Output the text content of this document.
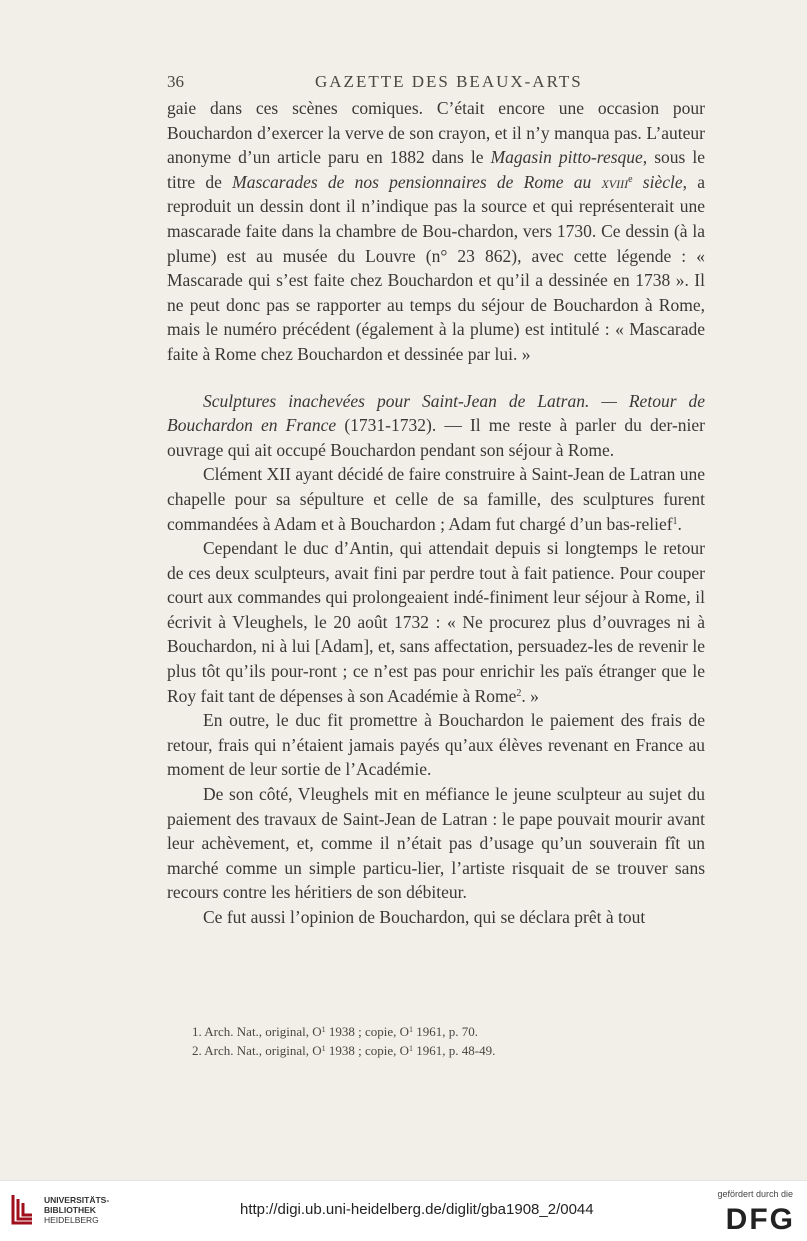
36	GAZETTE DES BEAUX-ARTS

gaie dans ces scènes comiques. C’était encore une occasion pour Bouchardon d’exercer la verve de son crayon, et il n’y manqua pas. L’auteur anonyme d’un article paru en 1882 dans le Magasin pitto-resque, sous le titre de Mascarades de nos pensionnaires de Rome au xviii$^e$ siècle, a reproduit un dessin dont il n’indique pas la source et qui représenterait une mascarade faite dans la chambre de Bou-chardon, vers 1730. Ce dessin (à la plume) est au musée du Louvre (n° 23 862), avec cette légende : « Mascarade qui s’est faite chez Bouchardon et qu’il a dessinée en 1738 ». Il ne peut donc pas se rapporter au temps du séjour de Bouchardon à Rome, mais le numéro précédent (également à la plume) est intitulé : « Mascarade faite à Rome chez Bouchardon et dessinée par lui. »

Sculptures inachevées pour Saint-Jean de Latran. — Retour de Bouchardon en France (1731-1732). — Il me reste à parler du der-nier ouvrage qui ait occupé Bouchardon pendant son séjour à Rome.

Clément XII ayant décidé de faire construire à Saint-Jean de Latran une chapelle pour sa sépulture et celle de sa famille, des sculptures furent commandées à Adam et à Bouchardon ; Adam fut chargé d’un bas-relief$^1$.

Cependant le duc d’Antin, qui attendait depuis si longtemps le retour de ces deux sculpteurs, avait fini par perdre tout à fait patience. Pour couper court aux commandes qui prolongeaient indé-finiment leur séjour à Rome, il écrivit à Vleughels, le 20 août 1732 : « Ne procurez plus d’ouvrages ni à Bouchardon, ni à lui [Adam], et, sans affectation, persuadez-les de revenir le plus tôt qu’ils pour-ront ; ce n’est pas pour enrichir les païs étranger que le Roy fait tant de dépenses à son Académie à Rome$^2$. »

En outre, le duc fit promettre à Bouchardon le paiement des frais de retour, frais qui n’étaient jamais payés qu’aux élèves revenant en France au moment de leur sortie de l’Académie.

De son côté, Vleughels mit en méfiance le jeune sculpteur au sujet du paiement des travaux de Saint-Jean de Latran : le pape pouvait mourir avant leur achèvement, et, comme il n’était pas d’usage qu’un souverain fît un marché comme un simple particu-lier, l’artiste risquait de se trouver sans recours contre les héritiers de son débiteur.

Ce fut aussi l’opinion de Bouchardon, qui se déclara prêt à tout

1. Arch. Nat., original, $O^1$ 1938 ; copie, $O^1$ 1961, p. 70.
2. Arch. Nat., original, $O^1$ 1938 ; copie, $O^1$ 1961, p. 48-49.
UNIVERSITÄTS-
BIBLIOTHEK
HEIDELBERG
http://digi.ub.uni-heidelberg.de/diglit/gba1908_2/0044
gefördert durch die
DFG
